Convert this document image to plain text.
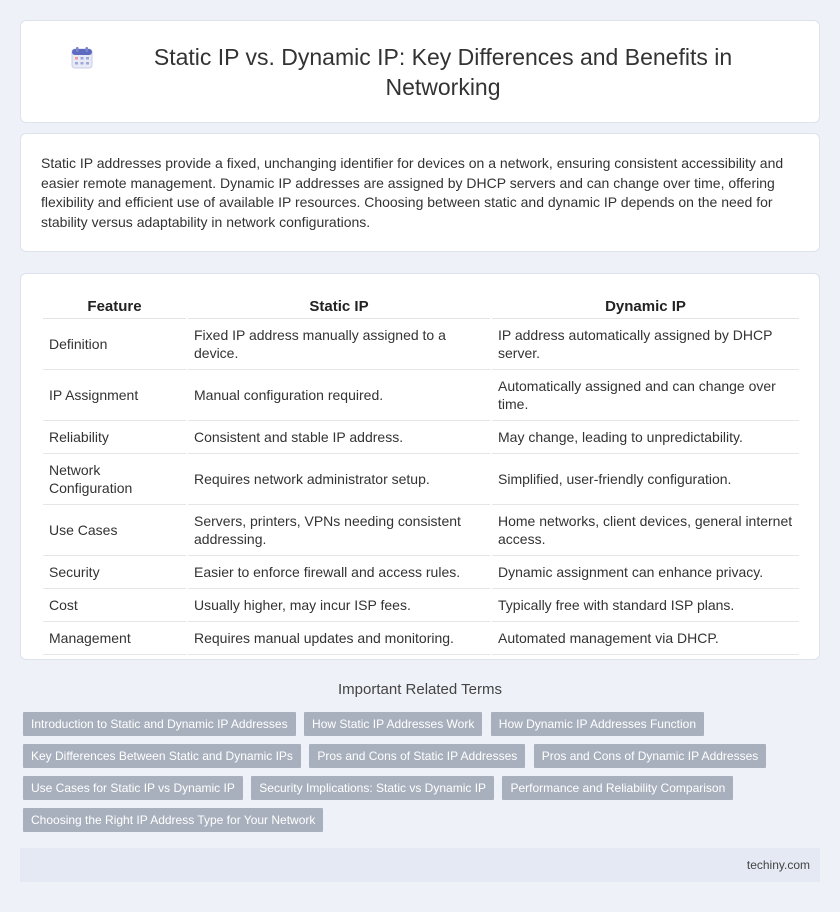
Static IP vs. Dynamic IP: Key Differences and Benefits in Networking

Static IP addresses provide a fixed, unchanging identifier for devices on a network, ensuring consistent accessibility and easier remote management. Dynamic IP addresses are assigned by DHCP servers and can change over time, offering flexibility and efficient use of available IP resources. Choosing between static and dynamic IP depends on the need for stability versus adaptability in network configurations.

Feature	Static IP	Dynamic IP
Definition	Fixed IP address manually assigned to a device.	IP address automatically assigned by DHCP server.
IP Assignment	Manual configuration required.	Automatically assigned and can change over time.
Reliability	Consistent and stable IP address.	May change, leading to unpredictability.
Network Configuration	Requires network administrator setup.	Simplified, user-friendly configuration.
Use Cases	Servers, printers, VPNs needing consistent addressing.	Home networks, client devices, general internet access.
Security	Easier to enforce firewall and access rules.	Dynamic assignment can enhance privacy.
Cost	Usually higher, may incur ISP fees.	Typically free with standard ISP plans.
Management	Requires manual updates and monitoring.	Automated management via DHCP.
Important Related Terms
Introduction to Static and Dynamic IP Addresses How Static IP Addresses Work How Dynamic IP Addresses Function Key Differences Between Static and Dynamic IPs Pros and Cons of Static IP Addresses Pros and Cons of Dynamic IP Addresses Use Cases for Static IP vs Dynamic IP Security Implications: Static vs Dynamic IP Performance and Reliability Comparison Choosing the Right IP Address Type for Your Network
techiny.com
